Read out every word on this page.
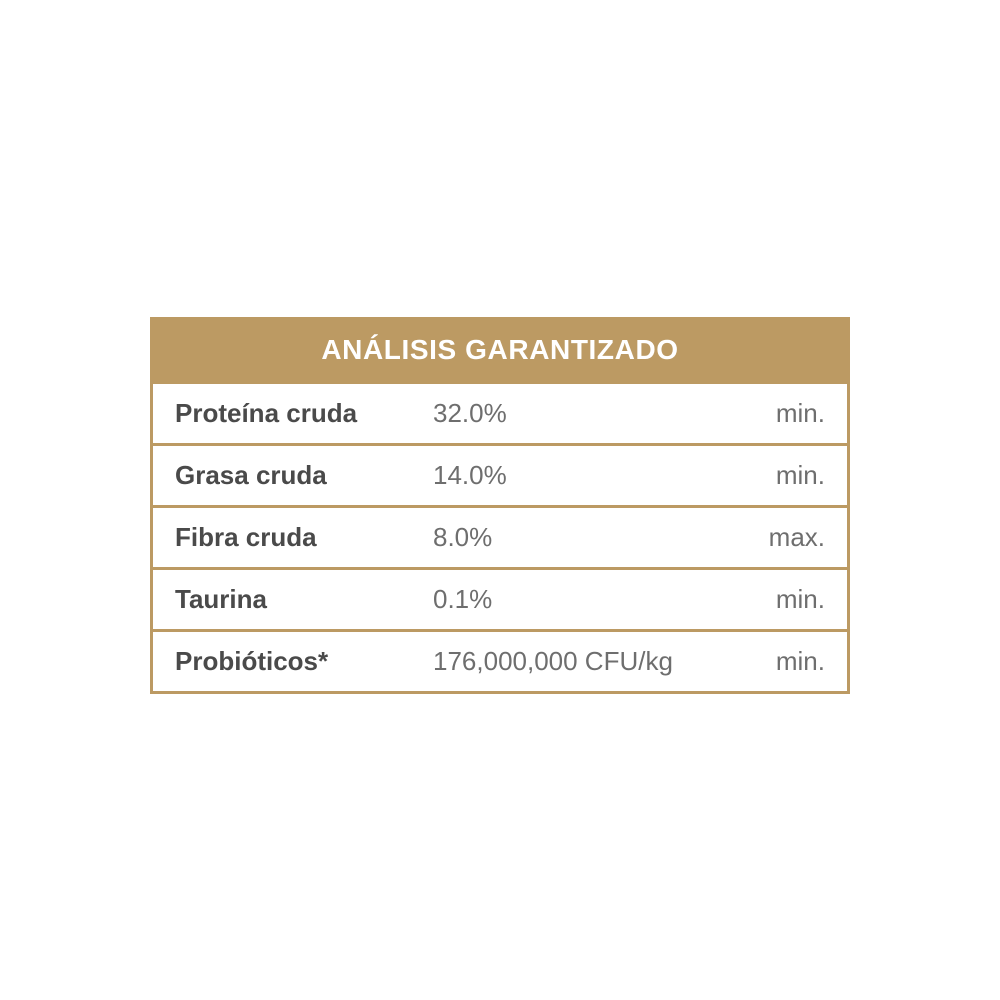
ANÁLISIS GARANTIZADO
Proteína cruda	32.0%	min.
Grasa cruda	14.0%	min.
Fibra cruda	8.0%	max.
Taurina	0.1%	min.
Probióticos*	176,000,000 CFU/kg	min.
